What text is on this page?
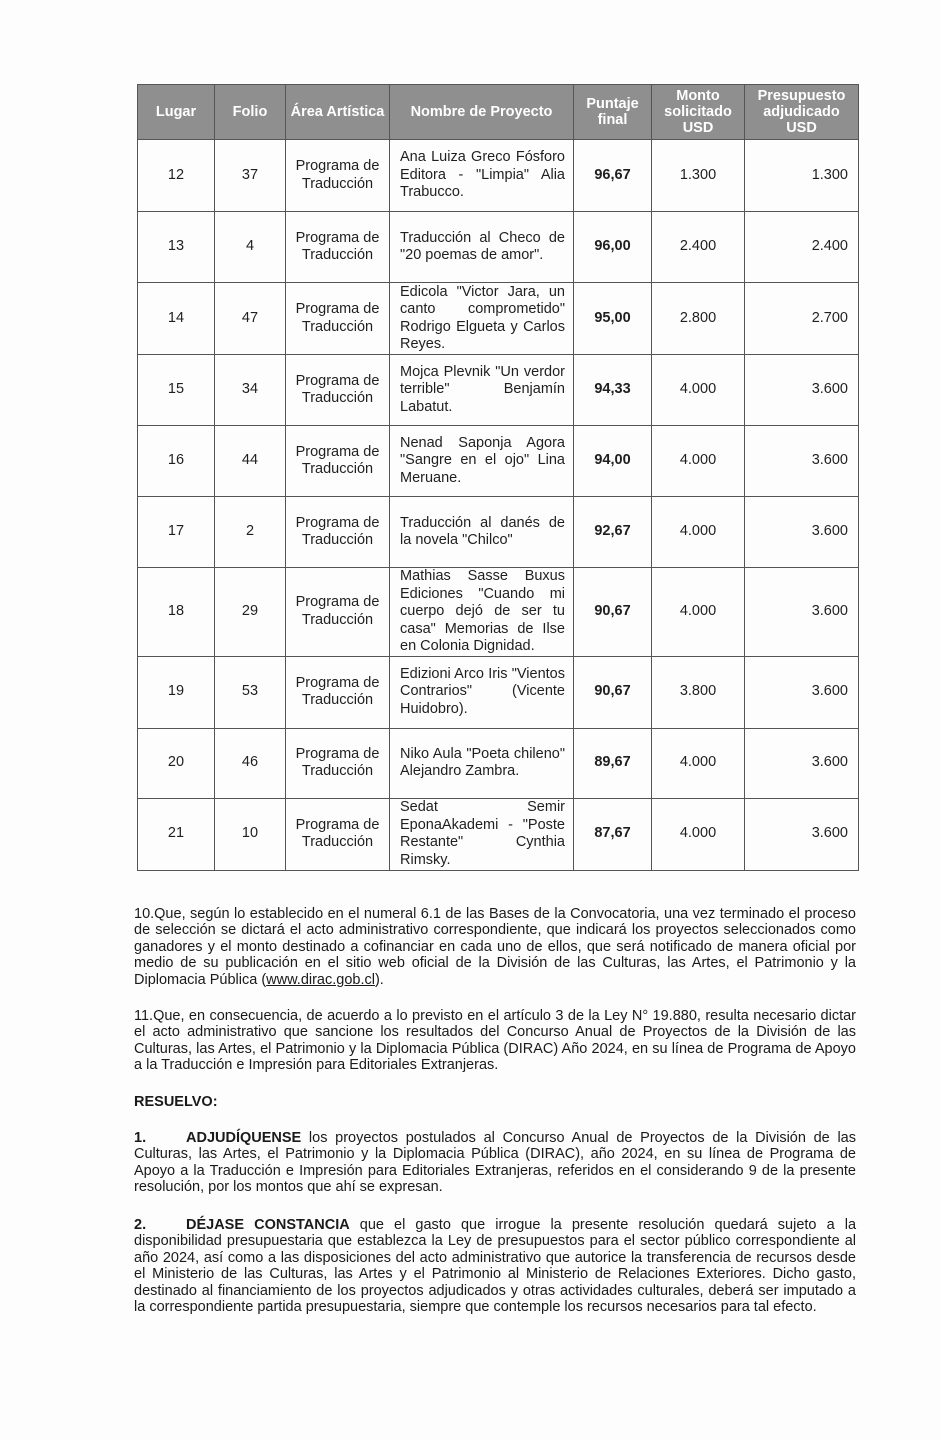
Lugar	Folio	Área Artística	Nombre de Proyecto	Puntaje final	Monto solicitado USD	Presupuesto adjudicado USD
12	37	Programa de Traducción	Ana Luiza Greco Fósforo Editora - "Limpia" Alia Trabucco.	96,67	1.300	1.300
13	4	Programa de Traducción	Traducción al Checo de "20 poemas de amor".	96,00	2.400	2.400
14	47	Programa de Traducción	Edicola "Victor Jara, un canto comprometido" Rodrigo Elgueta y Carlos Reyes.	95,00	2.800	2.700
15	34	Programa de Traducción	Mojca Plevnik "Un verdor terrible" Benjamín Labatut.	94,33	4.000	3.600
16	44	Programa de Traducción	Nenad Saponja Agora "Sangre en el ojo" Lina Meruane.	94,00	4.000	3.600
17	2	Programa de Traducción	Traducción al danés de la novela "Chilco"	92,67	4.000	3.600
18	29	Programa de Traducción	Mathias Sasse Buxus Ediciones "Cuando mi cuerpo dejó de ser tu casa" Memorias de Ilse en Colonia Dignidad.	90,67	4.000	3.600
19	53	Programa de Traducción	Edizioni Arco Iris "Vientos Contrarios" (Vicente Huidobro).	90,67	3.800	3.600
20	46	Programa de Traducción	Niko Aula "Poeta chileno" Alejandro Zambra.	89,67	4.000	3.600
21	10	Programa de Traducción	Sedat Semir EponaAkademi - "Poste Restante" Cynthia Rimsky.	87,67	4.000	3.600

10.Que, según lo establecido en el numeral 6.1 de las Bases de la Convocatoria, una vez terminado el proceso de selección se dictará el acto administrativo correspondiente, que indicará los proyectos seleccionados como ganadores y el monto destinado a cofinanciar en cada uno de ellos, que será notificado de manera oficial por medio de su publicación en el sitio web oficial de la División de las Culturas, las Artes, el Patrimonio y la Diplomacia Pública (www.dirac.gob.cl).

11.Que, en consecuencia, de acuerdo a lo previsto en el artículo 3 de la Ley N° 19.880, resulta necesario dictar el acto administrativo que sancione los resultados del Concurso Anual de Proyectos de la División de las Culturas, las Artes, el Patrimonio y la Diplomacia Pública (DIRAC) Año 2024, en su línea de Programa de Apoyo a la Traducción e Impresión para Editoriales Extranjeras.

RESUELVO:

1.	ADJUDÍQUENSE los proyectos postulados al Concurso Anual de Proyectos de la División de las Culturas, las Artes, el Patrimonio y la Diplomacia Pública (DIRAC), año 2024, en su línea de Programa de Apoyo a la Traducción e Impresión para Editoriales Extranjeras, referidos en el considerando 9 de la presente resolución, por los montos que ahí se expresan.

2.	DÉJASE CONSTANCIA que el gasto que irrogue la presente resolución quedará sujeto a la disponibilidad presupuestaria que establezca la Ley de presupuestos para el sector público correspondiente al año 2024, así como a las disposiciones del acto administrativo que autorice la transferencia de recursos desde el Ministerio de las Culturas, las Artes y el Patrimonio al Ministerio de Relaciones Exteriores. Dicho gasto, destinado al financiamiento de los proyectos adjudicados y otras actividades culturales, deberá ser imputado a la correspondiente partida presupuestaria, siempre que contemple los recursos necesarios para tal efecto.
